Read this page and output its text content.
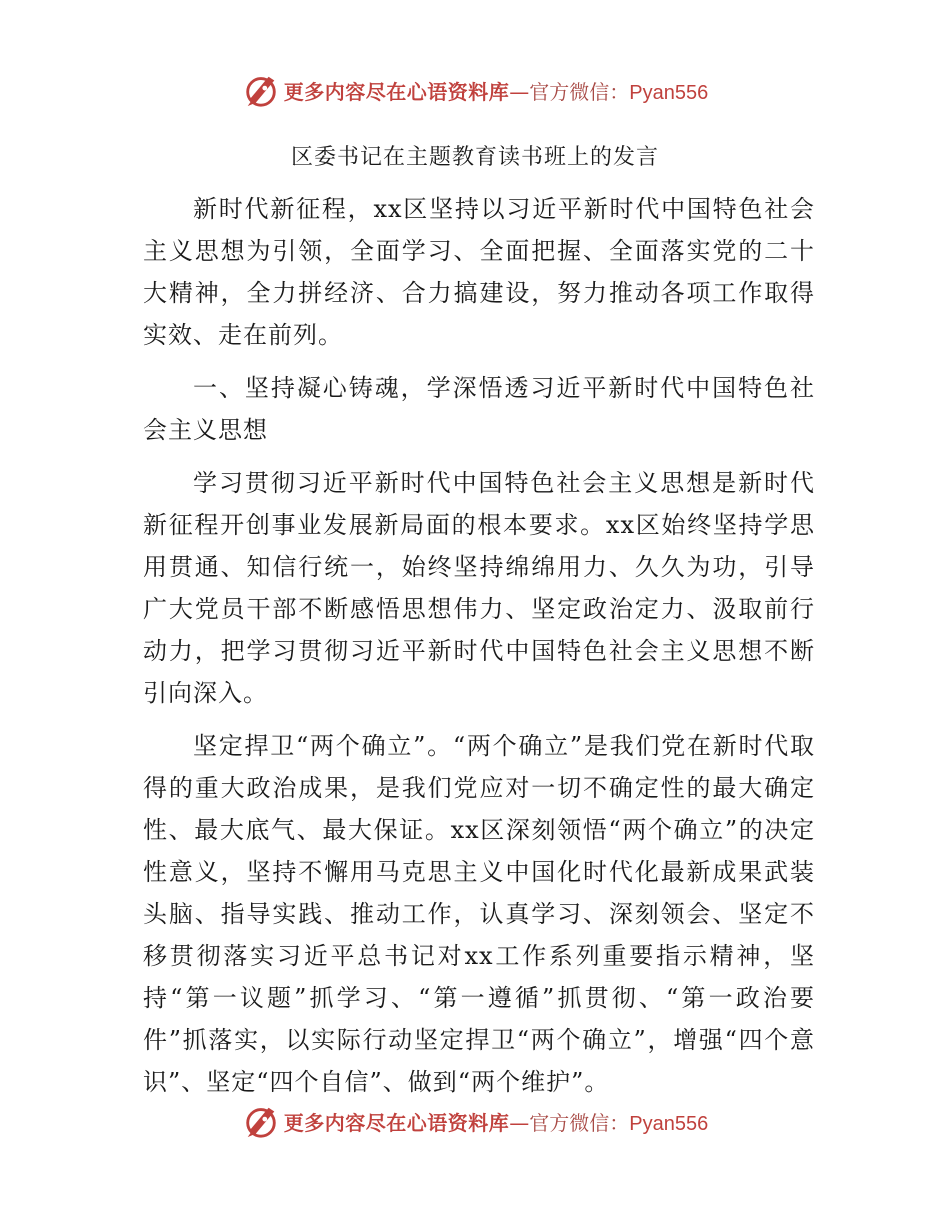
更多内容尽在心语资料库—官方微信：Pyan556
区委书记在主题教育读书班上的发言

新时代新征程，xx区坚持以习近平新时代中国特色社会主义思想为引领，全面学习、全面把握、全面落实党的二十大精神，全力拼经济、合力搞建设，努力推动各项工作取得实效、走在前列。

一、坚持凝心铸魂，学深悟透习近平新时代中国特色社会主义思想

学习贯彻习近平新时代中国特色社会主义思想是新时代新征程开创事业发展新局面的根本要求。xx区始终坚持学思用贯通、知信行统一，始终坚持绵绵用力、久久为功，引导广大党员干部不断感悟思想伟力、坚定政治定力、汲取前行动力，把学习贯彻习近平新时代中国特色社会主义思想不断引向深入。

坚定捍卫“两个确立”。“两个确立”是我们党在新时代取得的重大政治成果，是我们党应对一切不确定性的最大确定性、最大底气、最大保证。xx区深刻领悟“两个确立”的决定性意义，坚持不懈用马克思主义中国化时代化最新成果武装头脑、指导实践、推动工作，认真学习、深刻领会、坚定不移贯彻落实习近平总书记对xx工作系列重要指示精神，坚持“第一议题”抓学习、“第一遵循”抓贯彻、“第一政治要件”抓落实，以实际行动坚定捍卫“两个确立”，增强“四个意识”、坚定“四个自信”、做到“两个维护”。

更多内容尽在心语资料库—官方微信：Pyan556
